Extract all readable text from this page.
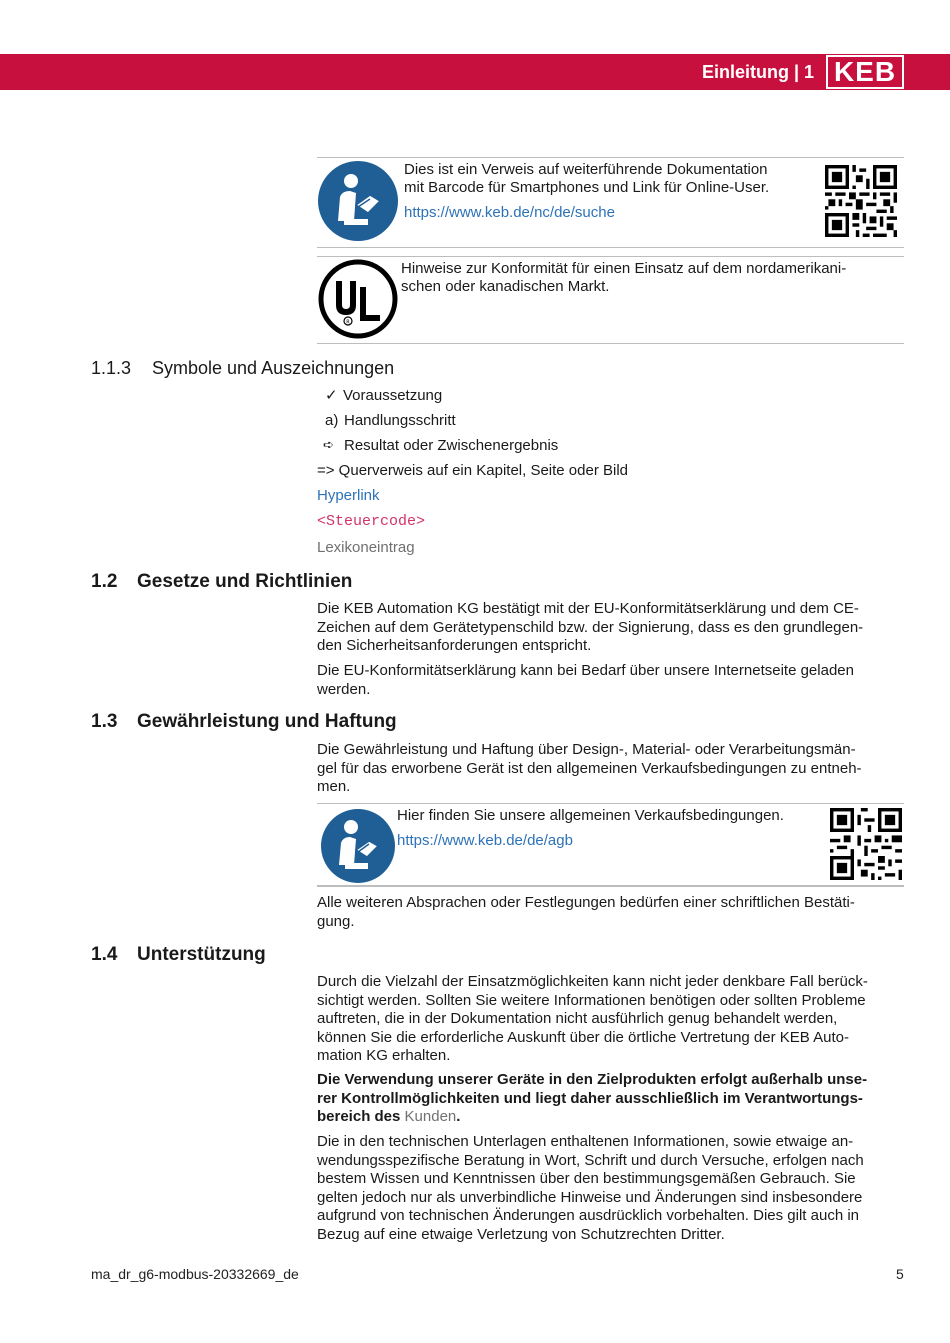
Einleitung | 1 KEB
Dies ist ein Verweis auf weiterführende Dokumentation
mit Barcode für Smartphones und Link für Online-User.
https://www.keb.de/nc/de/suche
R
Hinweise zur Konformität für einen Einsatz auf dem nordamerikani-
schen oder kanadischen Markt.
1.1.3 Symbole und Auszeichnungen
✓ Voraussetzung
a) Handlungsschritt
➪ Resultat oder Zwischenergebnis
=> Querverweis auf ein Kapitel, Seite oder Bild
Hyperlink
<Steuercode>
Lexikoneintrag
1.2 Gesetze und Richtlinien
Die KEB Automation KG bestätigt mit der EU-Konformitätserklärung und dem CE-
Zeichen auf dem Gerätetypenschild bzw. der Signierung, dass es den grundlegen-
den Sicherheitsanforderungen entspricht.
Die EU-Konformitätserklärung kann bei Bedarf über unsere Internetseite geladen
werden.
1.3 Gewährleistung und Haftung
Die Gewährleistung und Haftung über Design-, Material- oder Verarbeitungsmän-
gel für das erworbene Gerät ist den allgemeinen Verkaufsbedingungen zu entneh-
men.
Hier finden Sie unsere allgemeinen Verkaufsbedingungen.
https://www.keb.de/de/agb
Alle weiteren Absprachen oder Festlegungen bedürfen einer schriftlichen Bestäti-
gung.
1.4 Unterstützung
Durch die Vielzahl der Einsatzmöglichkeiten kann nicht jeder denkbare Fall berück-
sichtigt werden. Sollten Sie weitere Informationen benötigen oder sollten Probleme
auftreten, die in der Dokumentation nicht ausführlich genug behandelt werden,
können Sie die erforderliche Auskunft über die örtliche Vertretung der KEB Auto-
mation KG erhalten.
Die Verwendung unserer Geräte in den Zielprodukten erfolgt außerhalb unse-
rer Kontrollmöglichkeiten und liegt daher ausschließlich im Verantwortungs-
bereich des Kunden.
Die in den technischen Unterlagen enthaltenen Informationen, sowie etwaige an-
wendungsspezifische Beratung in Wort, Schrift und durch Versuche, erfolgen nach
bestem Wissen und Kenntnissen über den bestimmungsgemäßen Gebrauch. Sie
gelten jedoch nur als unverbindliche Hinweise und Änderungen sind insbesondere
aufgrund von technischen Änderungen ausdrücklich vorbehalten. Dies gilt auch in
Bezug auf eine etwaige Verletzung von Schutzrechten Dritter.
ma_dr_g6-modbus-20332669_de	5
